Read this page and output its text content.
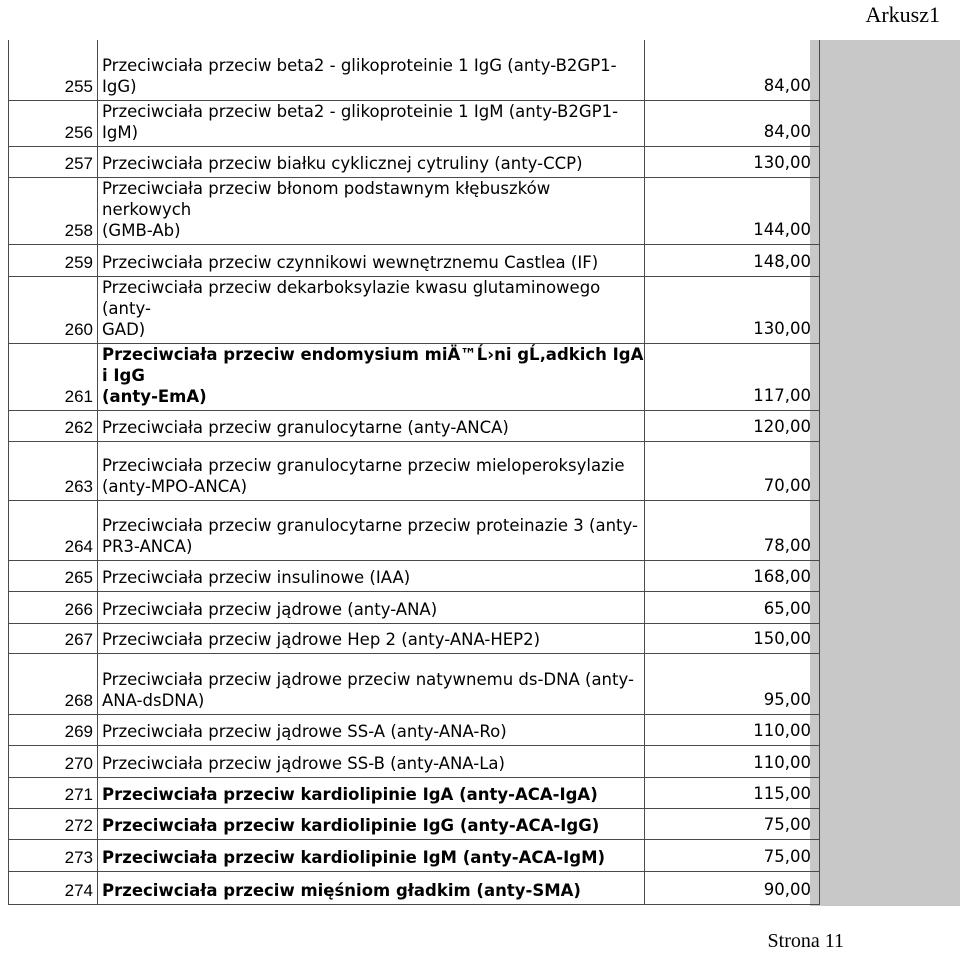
Arkusz1
255	Przeciwciała przeciw beta2 - glikoproteinie 1 IgG (anty-B2GP1-IgG)	84,00
256	Przeciwciała przeciw beta2 - glikoproteinie 1 IgM (anty-B2GP1-IgM)	84,00
257	Przeciwciała przeciw białku cyklicznej cytruliny (anty-CCP)	130,00
258	Przeciwciała przeciw błonom podstawnym kłębuszków nerkowych
(GMB-Ab)	144,00
259	Przeciwciała przeciw czynnikowi wewnętrznemu Castlea (IF)	148,00
260	Przeciwciała przeciw dekarboksylazie kwasu glutaminowego (anty-
GAD)	130,00
261	Przeciwciała przeciw endomysium miÄ™Ĺ›ni gĹ‚adkich IgA i IgG
(anty-EmA)	117,00
262	Przeciwciała przeciw granulocytarne (anty-ANCA)	120,00
263	Przeciwciała przeciw granulocytarne przeciw mieloperoksylazie
(anty-MPO-ANCA)	70,00
264	Przeciwciała przeciw granulocytarne przeciw proteinazie 3 (anty-
PR3-ANCA)	78,00
265	Przeciwciała przeciw insulinowe (IAA)	168,00
266	Przeciwciała przeciw jądrowe (anty-ANA)	65,00
267	Przeciwciała przeciw jądrowe Hep 2 (anty-ANA-HEP2)	150,00
268	Przeciwciała przeciw jądrowe przeciw natywnemu ds-DNA (anty-
ANA-dsDNA)	95,00
269	Przeciwciała przeciw jądrowe SS-A (anty-ANA-Ro)	110,00
270	Przeciwciała przeciw jądrowe SS-B (anty-ANA-La)	110,00
271	Przeciwciała przeciw kardiolipinie IgA (anty-ACA-IgA)	115,00
272	Przeciwciała przeciw kardiolipinie IgG (anty-ACA-IgG)	75,00
273	Przeciwciała przeciw kardiolipinie IgM (anty-ACA-IgM)	75,00
274	Przeciwciała przeciw mięśniom gładkim (anty-SMA)	90,00
Strona 11
